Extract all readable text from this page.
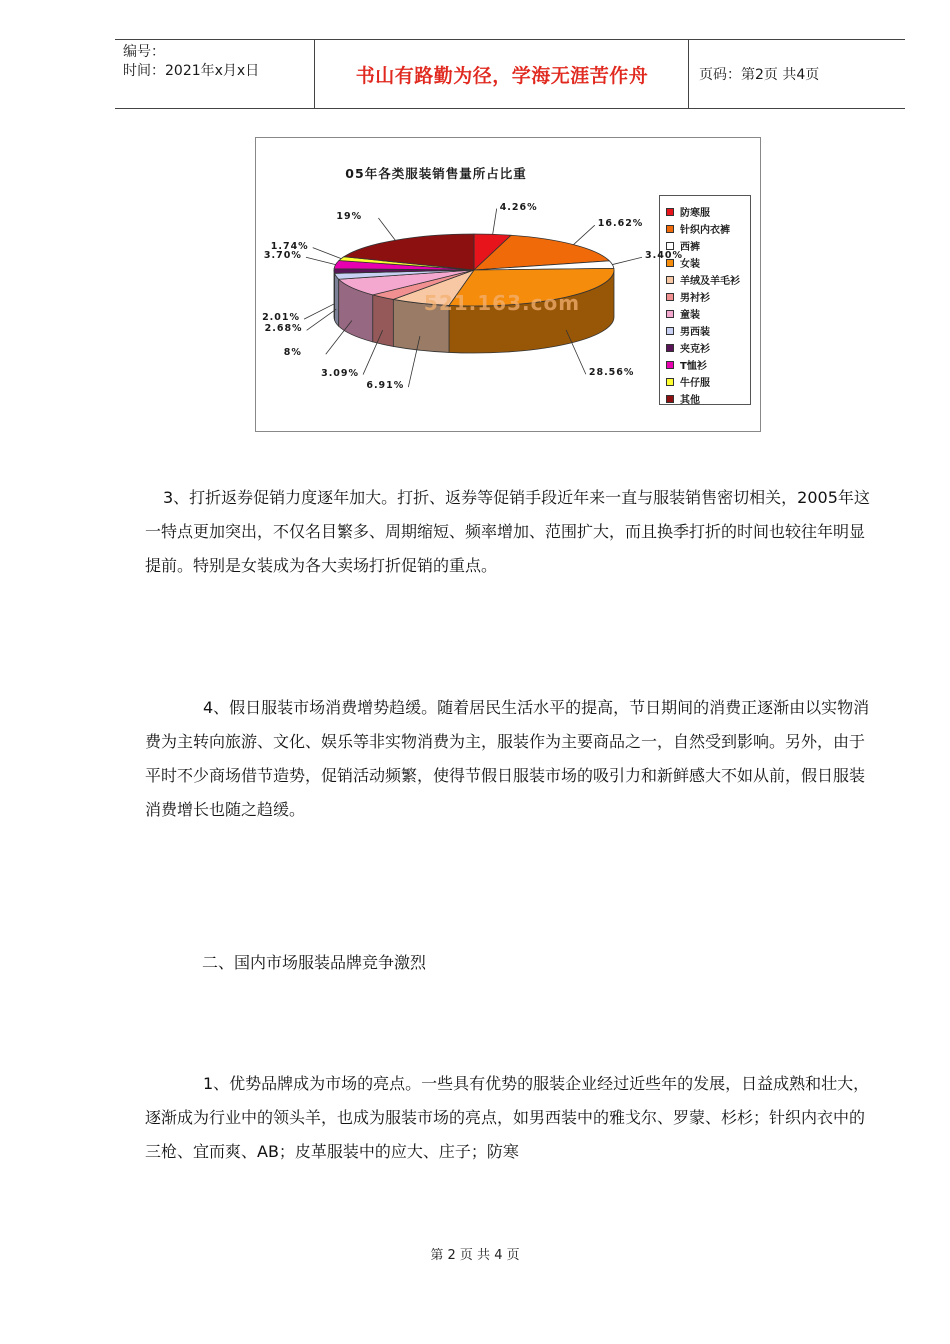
编号：
时间：2021年x月x日	书山有路勤为径，学海无涯苦作舟	页码：第2页 共4页
521.163.com
05年各类服装销售量所占比重
防寒服
针织内衣裤
西裤
女装
羊绒及羊毛衫
男衬衫
童装
男西装
夹克衫
T恤衫
牛仔服
其他
4.26%
16.62%
3.40%
28.56%
6.91%
3.09%
8%
2.68%
2.01%
3.70%
1.74%
19%
3、打折返券促销力度逐年加大。打折、返券等促销手段近年来一直与服装销售密切相关，2005年这一特点更加突出，不仅名目繁多、周期缩短、频率增加、范围扩大，而且换季打折的时间也较往年明显提前。特别是女装成为各大卖场打折促销的重点。
4、假日服装市场消费增势趋缓。随着居民生活水平的提高，节日期间的消费正逐渐由以实物消费为主转向旅游、文化、娱乐等非实物消费为主，服装作为主要商品之一，自然受到影响。另外，由于平时不少商场借节造势，促销活动频繁，使得节假日服装市场的吸引力和新鲜感大不如从前，假日服装消费增长也随之趋缓。
二、国内市场服装品牌竞争激烈
1、优势品牌成为市场的亮点。一些具有优势的服装企业经过近些年的发展，日益成熟和壮大，逐渐成为行业中的领头羊，也成为服装市场的亮点，如男西装中的雅戈尔、罗蒙、杉杉；针织内衣中的三枪、宜而爽、AB；皮革服装中的应大、庄子；防寒
第 2 页 共 4 页
